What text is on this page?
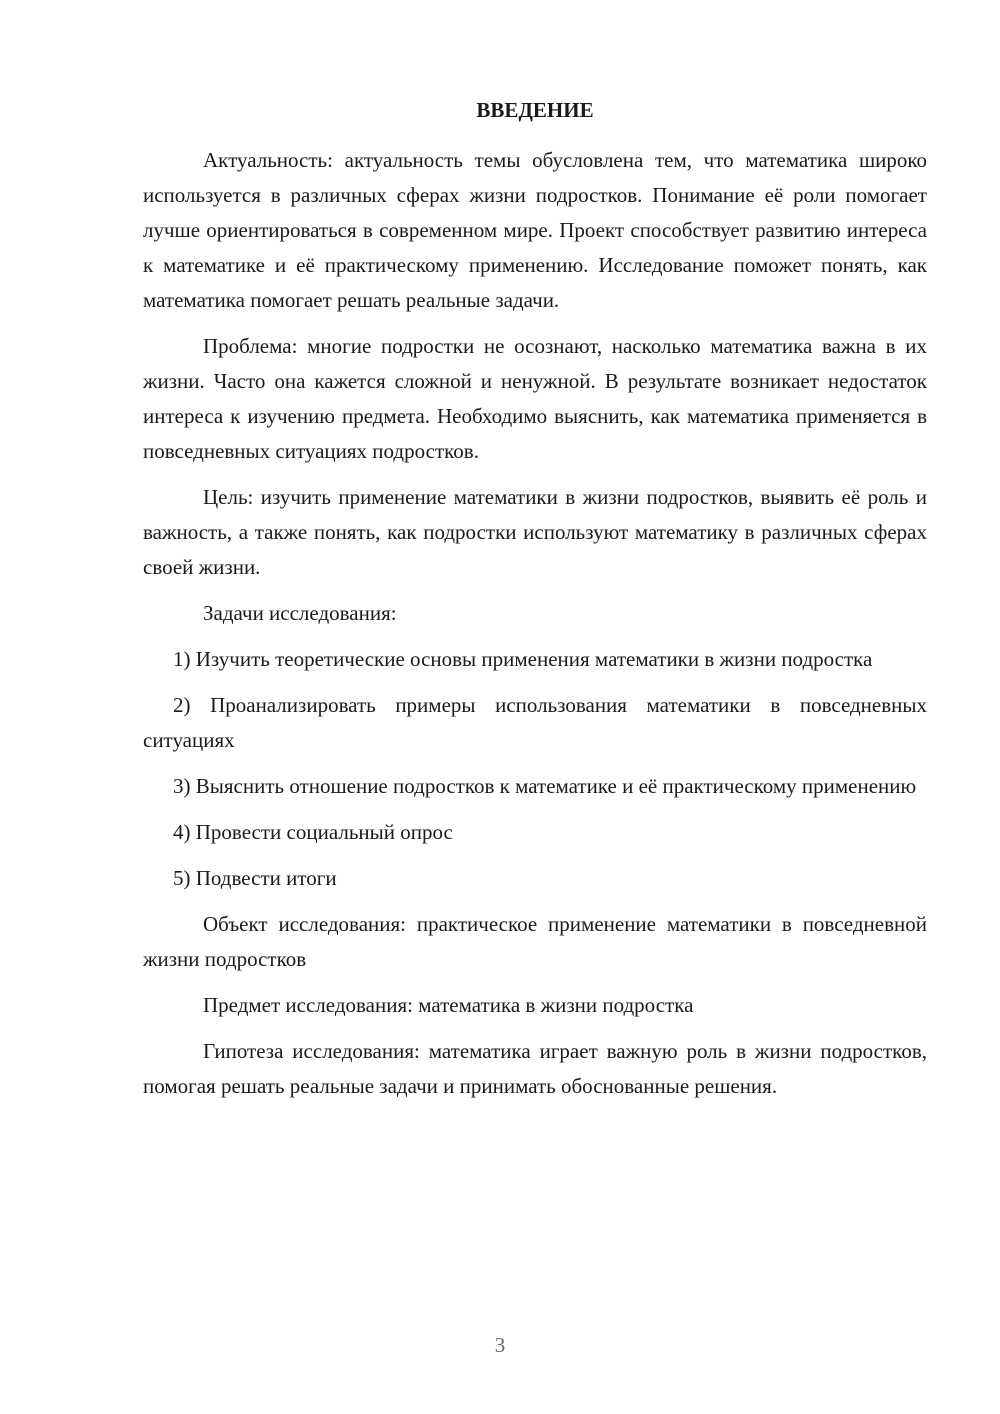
ВВЕДЕНИЕ

Актуальность: актуальность темы обусловлена тем, что математика широко используется в различных сферах жизни подростков. Понимание её роли помогает лучше ориентироваться в современном мире. Проект способствует развитию интереса к математике и её практическому применению. Исследование поможет понять, как математика помогает решать реальные задачи.

Проблема: многие подростки не осознают, насколько математика важна в их жизни. Часто она кажется сложной и ненужной. В результате возникает недостаток интереса к изучению предмета. Необходимо выяснить, как математика применяется в повседневных ситуациях подростков.

Цель: изучить применение математики в жизни подростков, выявить её роль и важность, а также понять, как подростки используют математику в различных сферах своей жизни.

Задачи исследования:

1) Изучить теоретические основы применения математики в жизни подростка

2) Проанализировать примеры использования математики в повседневных ситуациях

3) Выяснить отношение подростков к математике и её практическому применению

4) Провести социальный опрос

5) Подвести итоги

Объект исследования: практическое применение математики в повседневной жизни подростков

Предмет исследования: математика в жизни подростка

Гипотеза исследования: математика играет важную роль в жизни подростков, помогая решать реальные задачи и принимать обоснованные решения.

3
